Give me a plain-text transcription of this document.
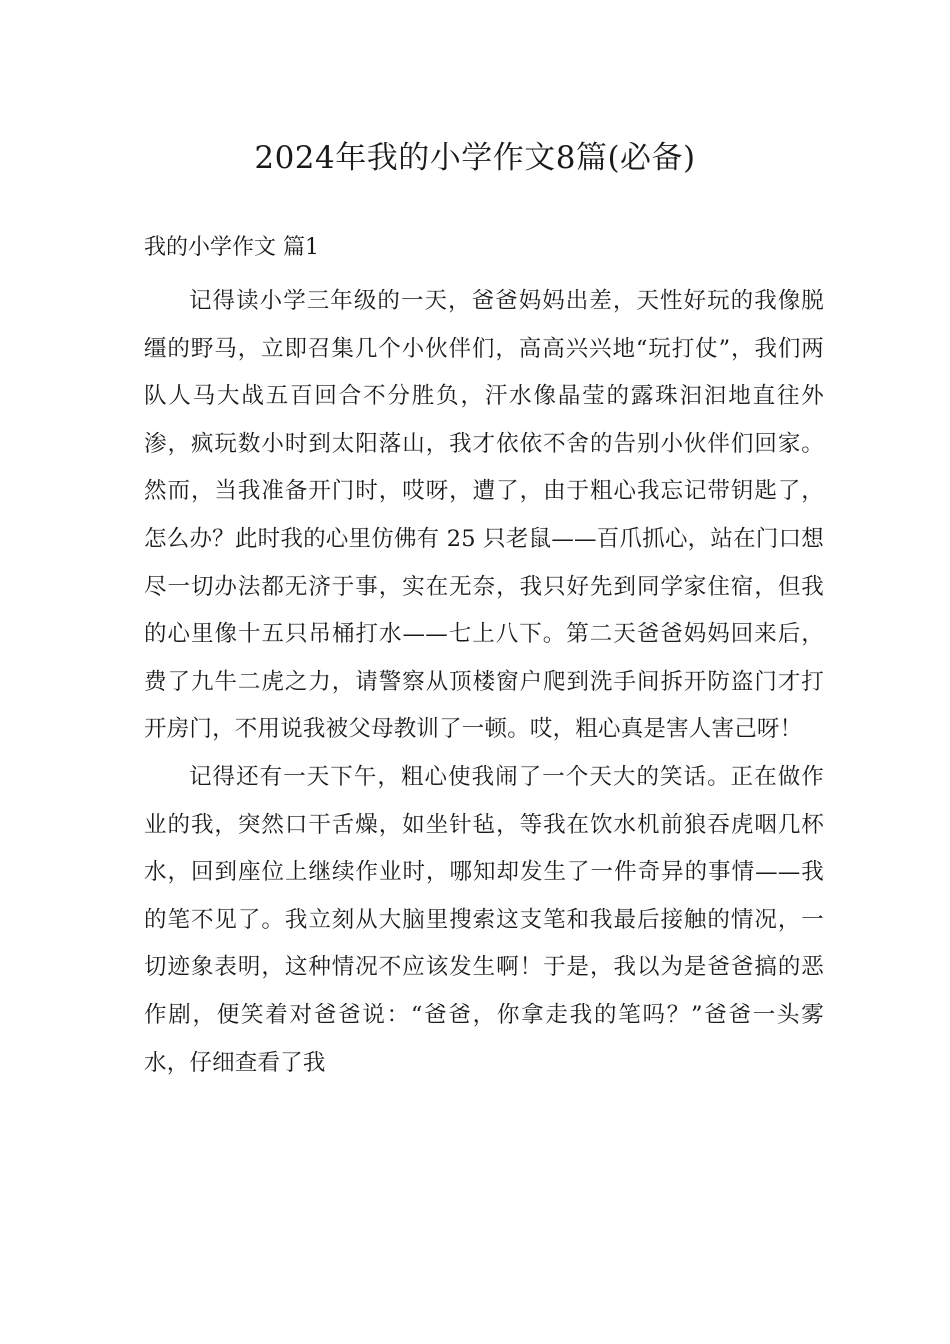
2024年我的小学作文8篇(必备)
我的小学作文 篇1

记得读小学三年级的一天，爸爸妈妈出差，天性好玩的我像脱缰的野马，立即召集几个小伙伴们，高高兴兴地“玩打仗”，我们两队人马大战五百回合不分胜负，汗水像晶莹的露珠汩汩地直往外渗，疯玩数小时到太阳落山，我才依依不舍的告别小伙伴们回家。然而，当我准备开门时，哎呀，遭了，由于粗心我忘记带钥匙了，怎么办？此时我的心里仿佛有 25 只老鼠——百爪抓心，站在门口想尽一切办法都无济于事，实在无奈，我只好先到同学家住宿，但我的心里像十五只吊桶打水——七上八下。第二天爸爸妈妈回来后，费了九牛二虎之力，请警察从顶楼窗户爬到洗手间拆开防盗门才打开房门，不用说我被父母教训了一顿。哎，粗心真是害人害己呀！

记得还有一天下午，粗心使我闹了一个天大的笑话。正在做作业的我，突然口干舌燥，如坐针毡，等我在饮水机前狼吞虎咽几杯水，回到座位上继续作业时，哪知却发生了一件奇异的事情——我的笔不见了。我立刻从大脑里搜索这支笔和我最后接触的情况，一切迹象表明，这种情况不应该发生啊！于是，我以为是爸爸搞的恶作剧，便笑着对爸爸说：“爸爸，你拿走我的笔吗？”爸爸一头雾水，仔细查看了我
